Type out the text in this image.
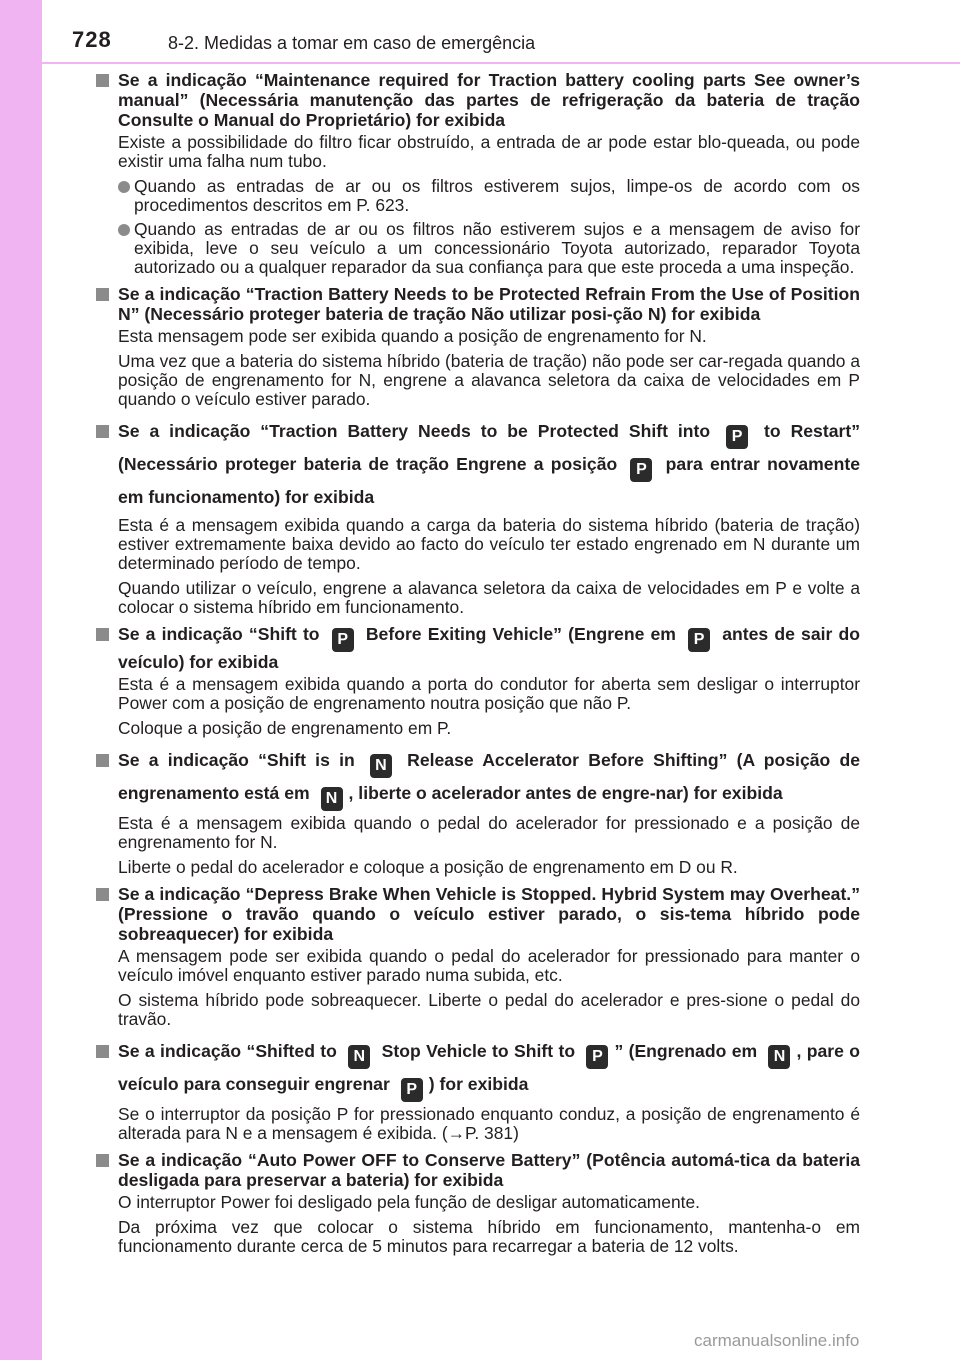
728	8-2. Medidas a tomar em caso de emergência
Se a indicação “Maintenance required for Traction battery cooling parts See owner’s manual” (Necessária manutenção das partes de refrigeração da bateria de tração Consulte o Manual do Proprietário) for exibida
Existe a possibilidade do filtro ficar obstruído, a entrada de ar pode estar blo-queada, ou pode existir uma falha num tubo.
Quando as entradas de ar ou os filtros estiverem sujos, limpe-os de acordo com os procedimentos descritos em P. 623.
Quando as entradas de ar ou os filtros não estiverem sujos e a mensagem de aviso for exibida, leve o seu veículo a um concessionário Toyota autorizado, reparador Toyota autorizado ou a qualquer reparador da sua confiança para que este proceda a uma inspeção.
Se a indicação “Traction Battery Needs to be Protected Refrain From the Use of Position N” (Necessário proteger bateria de tração Não utilizar posi-ção N) for exibida
Esta mensagem pode ser exibida quando a posição de engrenamento for N.
Uma vez que a bateria do sistema híbrido (bateria de tração) não pode ser car-regada quando a posição de engrenamento for N, engrene a alavanca seletora da caixa de velocidades em P quando o veículo estiver parado.
Se a indicação “Traction Battery Needs to be Protected Shift into P to Restart” (Necessário proteger bateria de tração Engrene a posição P para entrar novamente em funcionamento) for exibida
Esta é a mensagem exibida quando a carga da bateria do sistema híbrido (bateria de tração) estiver extremamente baixa devido ao facto do veículo ter estado engrenado em N durante um determinado período de tempo.
Quando utilizar o veículo, engrene a alavanca seletora da caixa de velocidades em P e volte a colocar o sistema híbrido em funcionamento.
Se a indicação “Shift to P Before Exiting Vehicle” (Engrene em P antes de sair do veículo) for exibida
Esta é a mensagem exibida quando a porta do condutor for aberta sem desligar o interruptor Power com a posição de engrenamento noutra posição que não P.
Coloque a posição de engrenamento em P.
Se a indicação “Shift is in N Release Accelerator Before Shifting” (A posição de engrenamento está em N , liberte o acelerador antes de engre-nar) for exibida
Esta é a mensagem exibida quando o pedal do acelerador for pressionado e a posição de engrenamento for N.
Liberte o pedal do acelerador e coloque a posição de engrenamento em D ou R.
Se a indicação “Depress Brake When Vehicle is Stopped. Hybrid System may Overheat.” (Pressione o travão quando o veículo estiver parado, o sis-tema híbrido pode sobreaquecer) for exibida
A mensagem pode ser exibida quando o pedal do acelerador for pressionado para manter o veículo imóvel enquanto estiver parado numa subida, etc.
O sistema híbrido pode sobreaquecer. Liberte o pedal do acelerador e pres-sione o pedal do travão.
Se a indicação “Shifted to N Stop Vehicle to Shift to P ” (Engrenado em N , pare o veículo para conseguir engrenar P ) for exibida
Se o interruptor da posição P for pressionado enquanto conduz, a posição de engrenamento é alterada para N e a mensagem é exibida. (→P. 381)
Se a indicação “Auto Power OFF to Conserve Battery” (Potência automá-tica da bateria desligada para preservar a bateria) for exibida
O interruptor Power foi desligado pela função de desligar automaticamente.
Da próxima vez que colocar o sistema híbrido em funcionamento, mantenha-o em funcionamento durante cerca de 5 minutos para recarregar a bateria de 12 volts.
carmanualsonline.info
